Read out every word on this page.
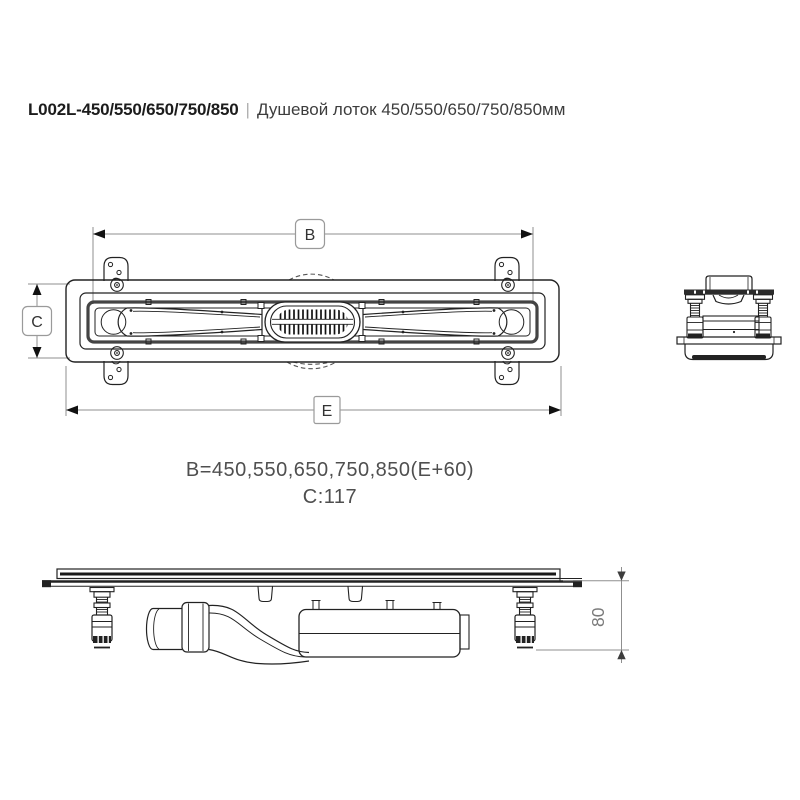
L002L-450/550/650/750/850 | Душевой лоток 450/550/650/750/850мм
B
E
C
B=450,550,650,750,850(E+60)
C:117
80
